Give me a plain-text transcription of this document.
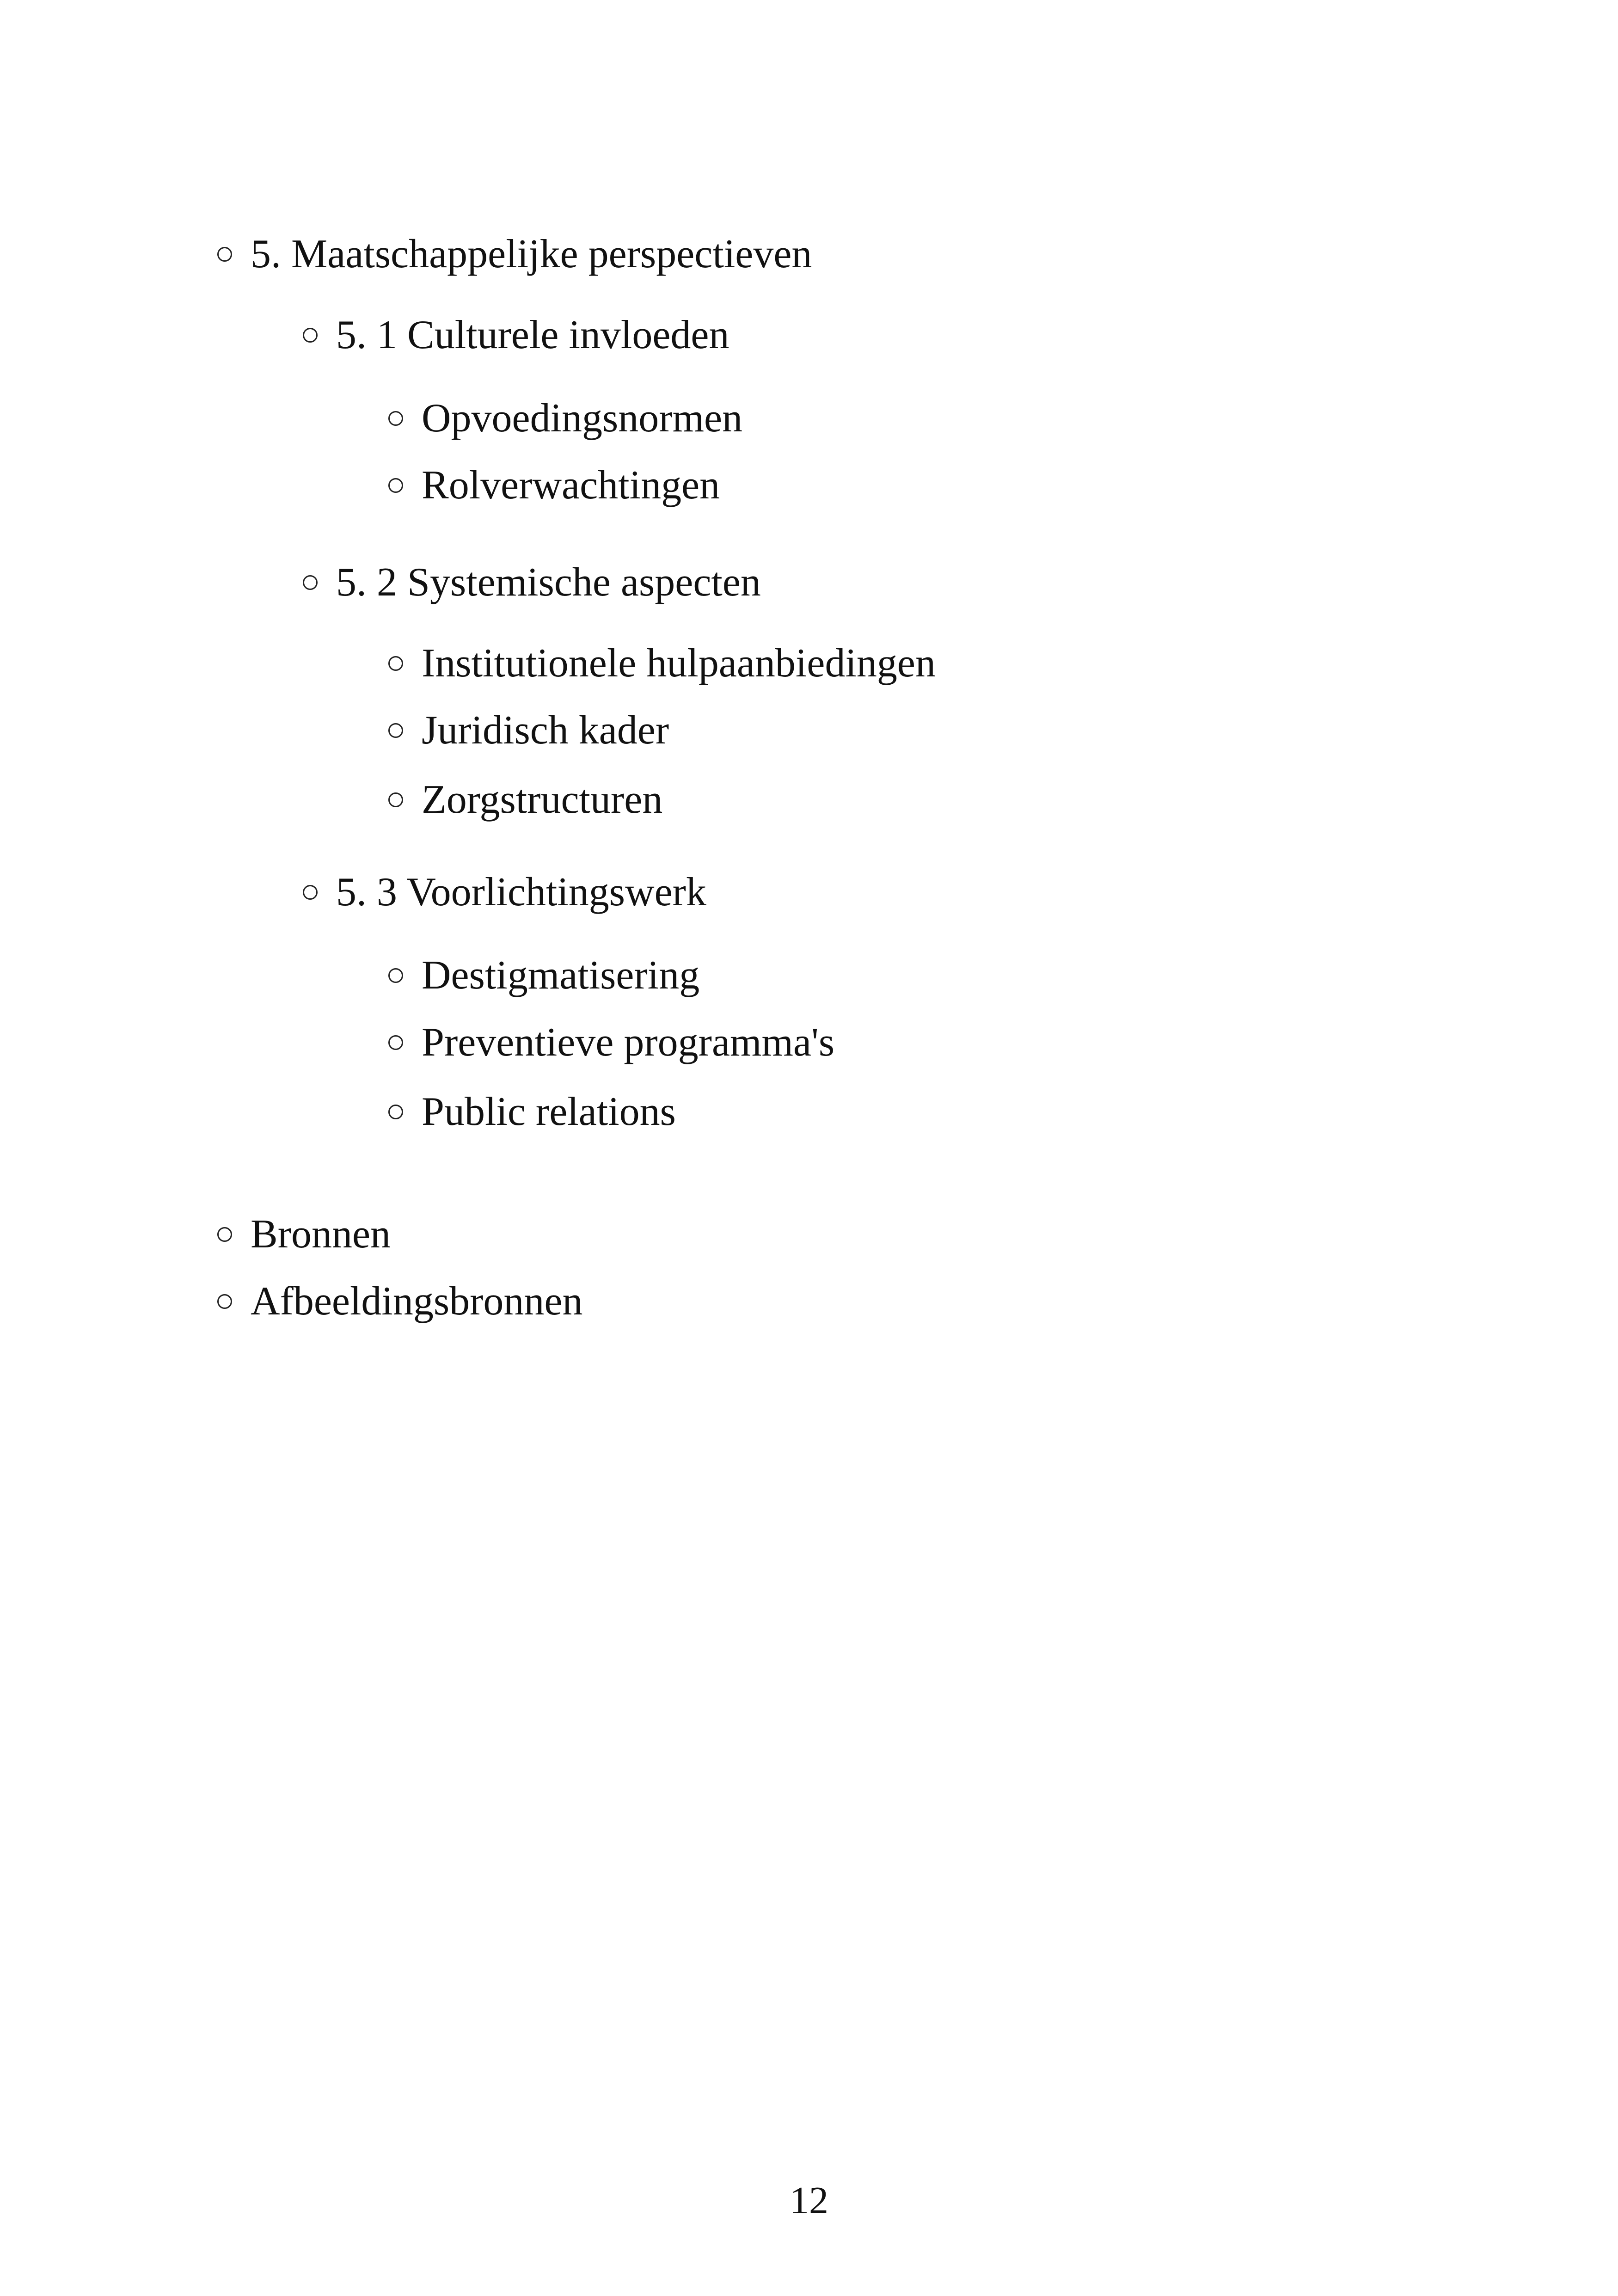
5. Maatschappelijke perspectieven
5. 1 Culturele invloeden
Opvoedingsnormen
Rolverwachtingen
5. 2 Systemische aspecten
Institutionele hulpaanbiedingen
Juridisch kader
Zorgstructuren
5. 3 Voorlichtingswerk
Destigmatisering
Preventieve programma's
Public relations
Bronnen
Afbeeldingsbronnen
12
